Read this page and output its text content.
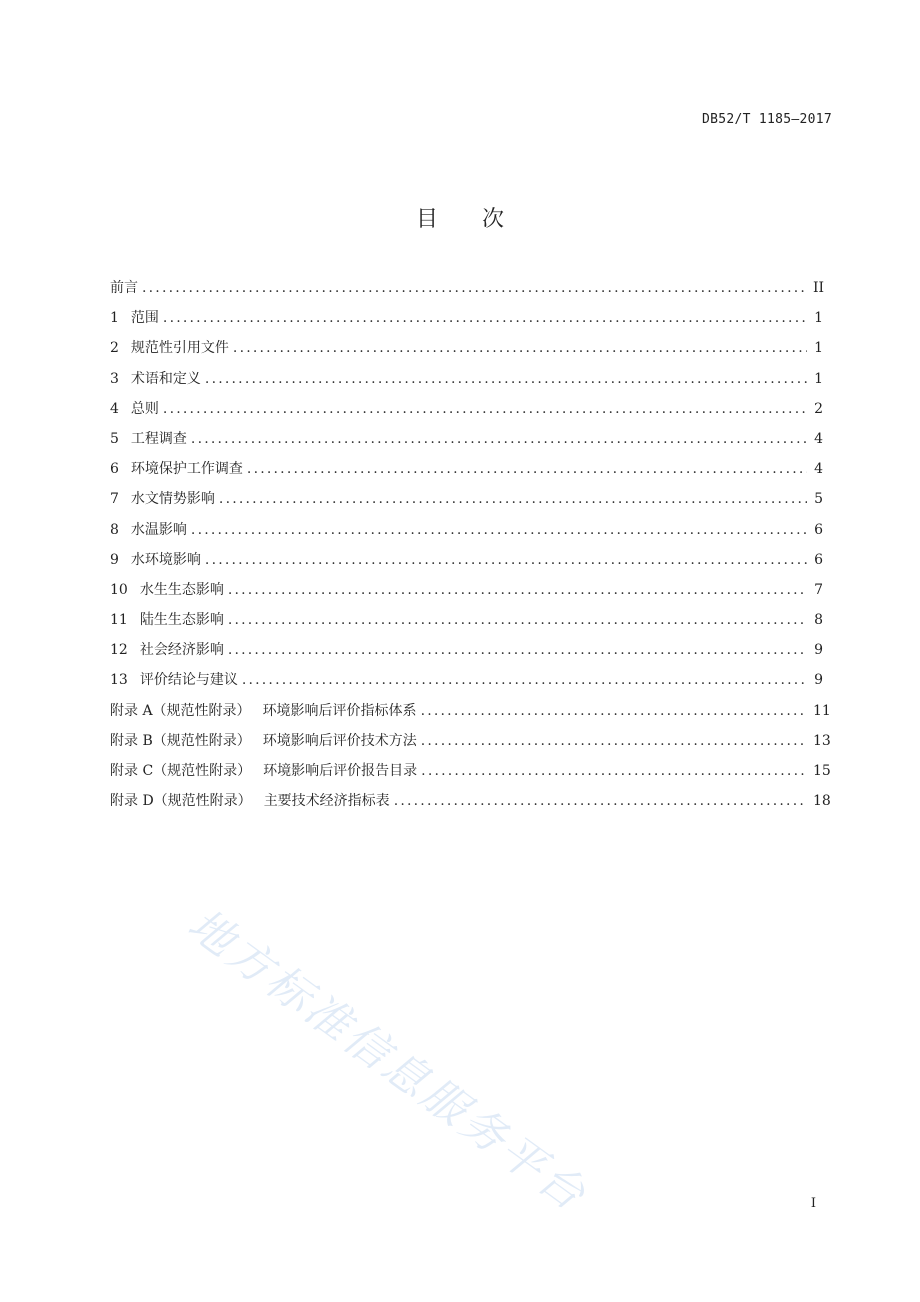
DB52/T 1185—2017
目次
前言 .....	II
1 范围 .....	1
2 规范性引用文件 .....	1
3 术语和定义 .....	1
4 总则 .....	2
5 工程调查 .....	4
6 环境保护工作调查 .....	4
7 水文情势影响 .....	5
8 水温影响 .....	6
9 水环境影响 .....	6
10 水生生态影响 .....	7
11 陆生生态影响 .....	8
12 社会经济影响 .....	9
13 评价结论与建议 .....	9
附录 A（规范性附录） 环境影响后评价指标体系 .....	11
附录 B（规范性附录） 环境影响后评价技术方法 .....	13
附录 C（规范性附录） 环境影响后评价报告目录 .....	15
附录 D（规范性附录） 主要技术经济指标表 .....	18
地方标准信息服务平台	I
